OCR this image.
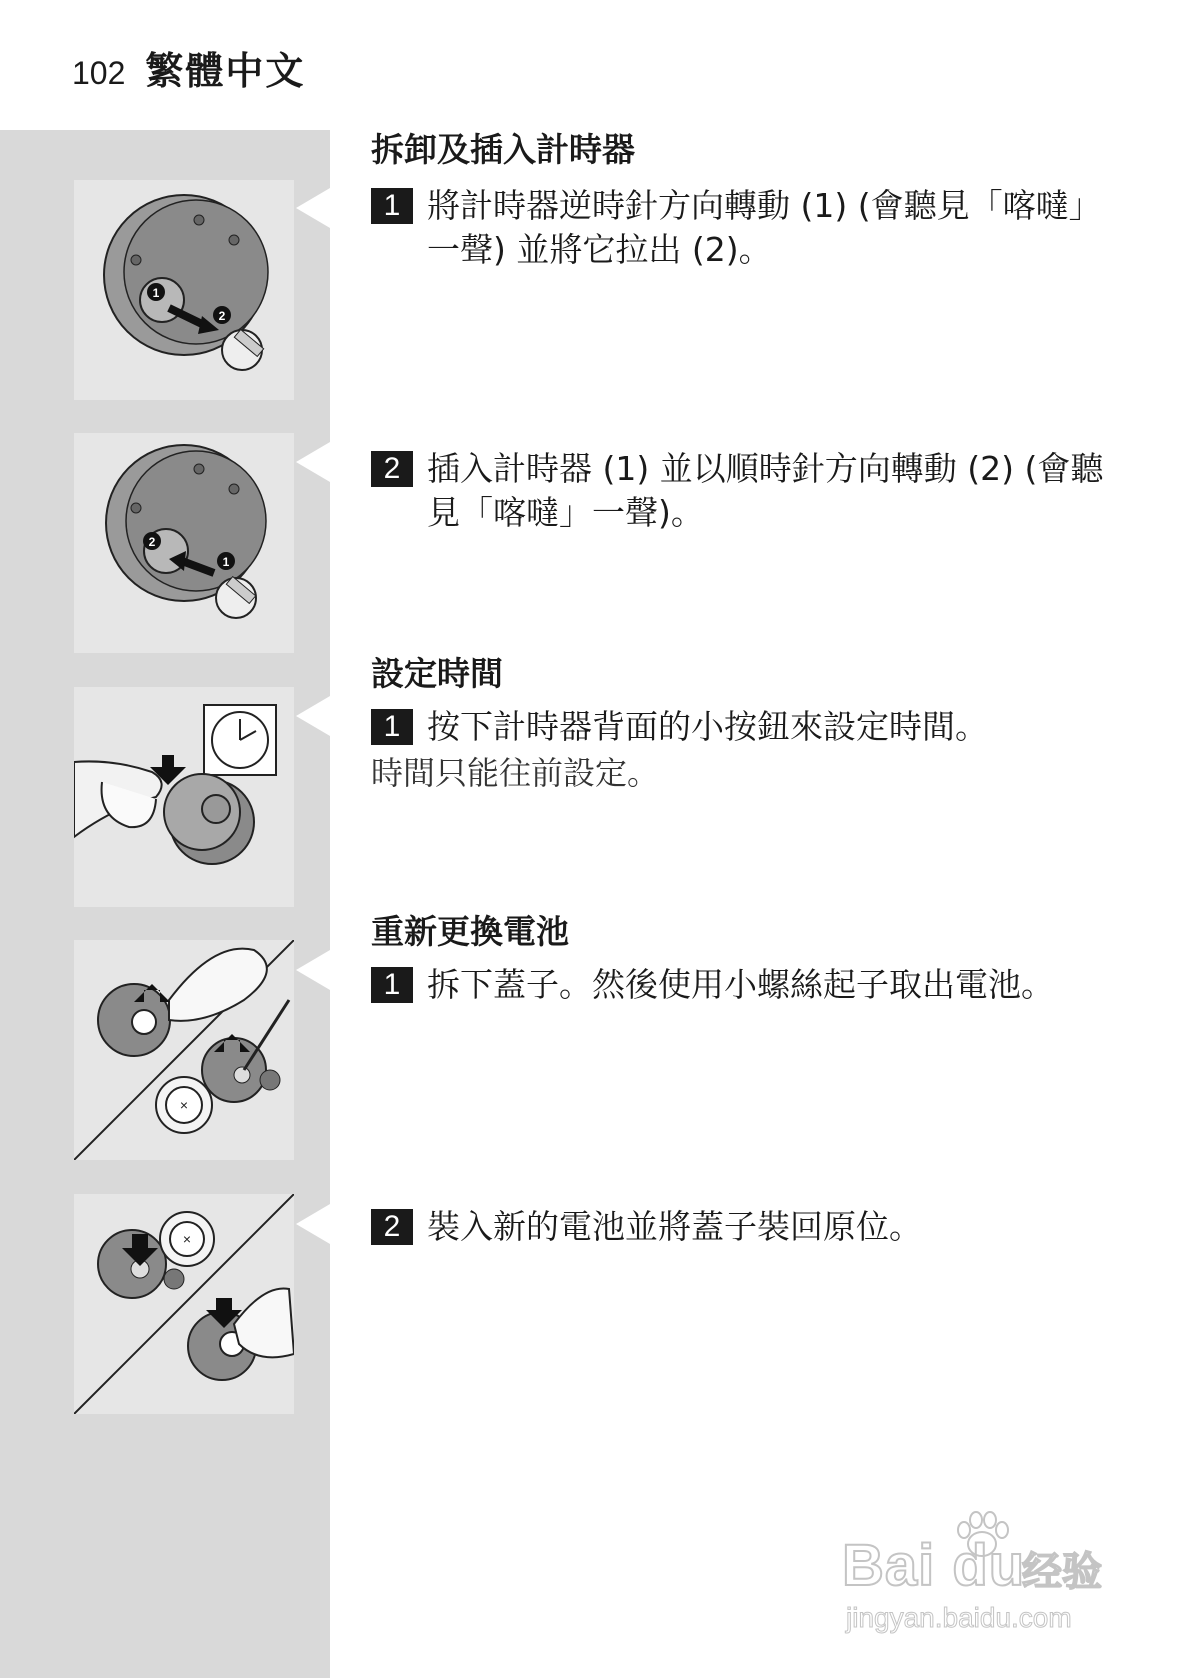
102 繁體中文
1
2
2
1
×
×
拆卸及插入計時器
1 將計時器逆時針方向轉動 (1) (會聽見「喀噠」一聲) 並將它拉出 (2)。
2 插入計時器 (1) 並以順時針方向轉動 (2) (會聽見「喀噠」一聲)。
設定時間
1 按下計時器背面的小按鈕來設定時間。
時間只能往前設定。
重新更換電池
1 拆下蓋子。然後使用小螺絲起子取出電池。
2 裝入新的電池並將蓋子裝回原位。
Bai du
经验
jingyan.baidu.com
